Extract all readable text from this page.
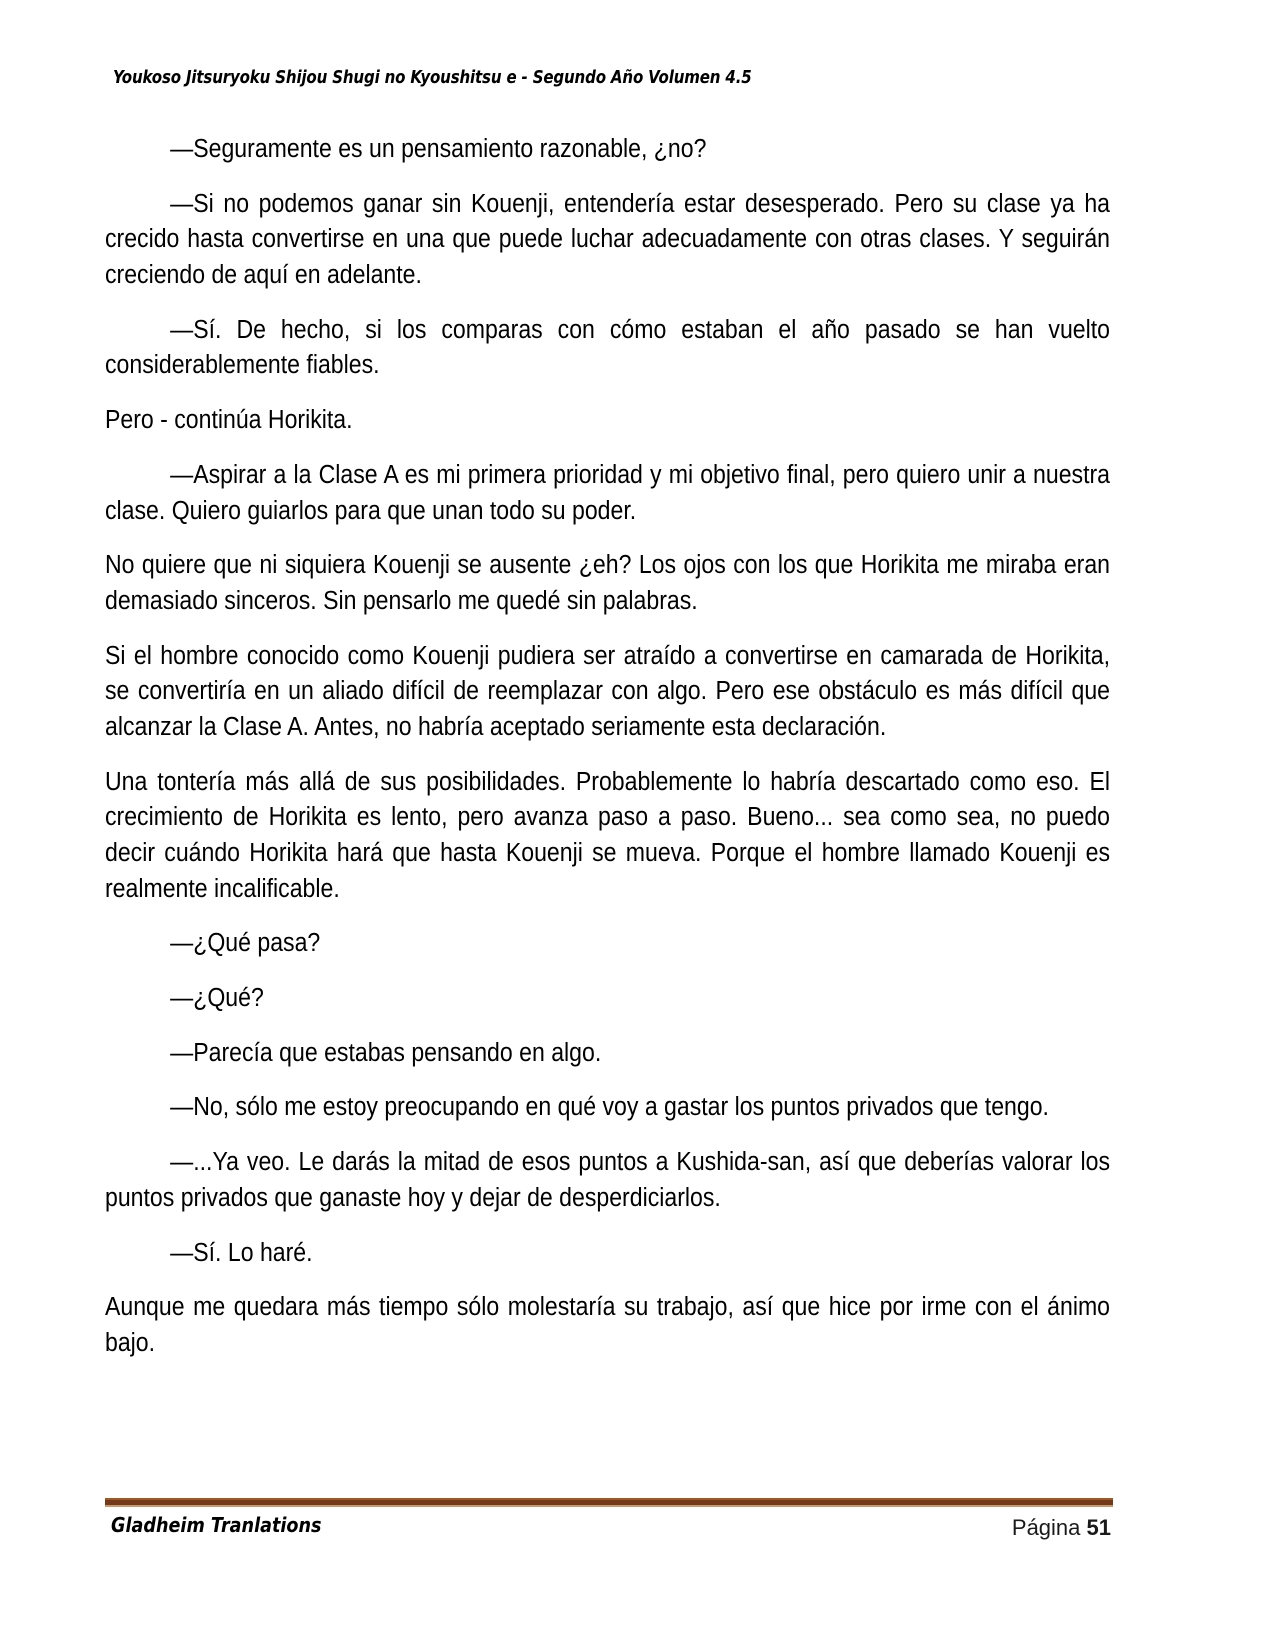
Youkoso Jitsuryoku Shijou Shugi no Kyoushitsu e - Segundo Año Volumen 4.5

—Seguramente es un pensamiento razonable, ¿no?

—Si no podemos ganar sin Kouenji, entendería estar desesperado. Pero su clase ya ha crecido hasta convertirse en una que puede luchar adecuadamente con otras clases. Y seguirán creciendo de aquí en adelante.

—Sí. De hecho, si los comparas con cómo estaban el año pasado se han vuelto considerablemente fiables.

Pero - continúa Horikita.

—Aspirar a la Clase A es mi primera prioridad y mi objetivo final, pero quiero unir a nuestra clase. Quiero guiarlos para que unan todo su poder.

No quiere que ni siquiera Kouenji se ausente ¿eh? Los ojos con los que Horikita me miraba eran demasiado sinceros. Sin pensarlo me quedé sin palabras.

Si el hombre conocido como Kouenji pudiera ser atraído a convertirse en camarada de Horikita, se convertiría en un aliado difícil de reemplazar con algo. Pero ese obstáculo es más difícil que alcanzar la Clase A. Antes, no habría aceptado seriamente esta declaración.

Una tontería más allá de sus posibilidades. Probablemente lo habría descartado como eso. El crecimiento de Horikita es lento, pero avanza paso a paso. Bueno... sea como sea, no puedo decir cuándo Horikita hará que hasta Kouenji se mueva. Porque el hombre llamado Kouenji es realmente incalificable.

—¿Qué pasa?

—¿Qué?

—Parecía que estabas pensando en algo.

—No, sólo me estoy preocupando en qué voy a gastar los puntos privados que tengo.

—...Ya veo. Le darás la mitad de esos puntos a Kushida-san, así que deberías valorar los puntos privados que ganaste hoy y dejar de desperdiciarlos.

—Sí. Lo haré.

Aunque me quedara más tiempo sólo molestaría su trabajo, así que hice por irme con el ánimo bajo.

Gladheim Tranlations	Página 51
